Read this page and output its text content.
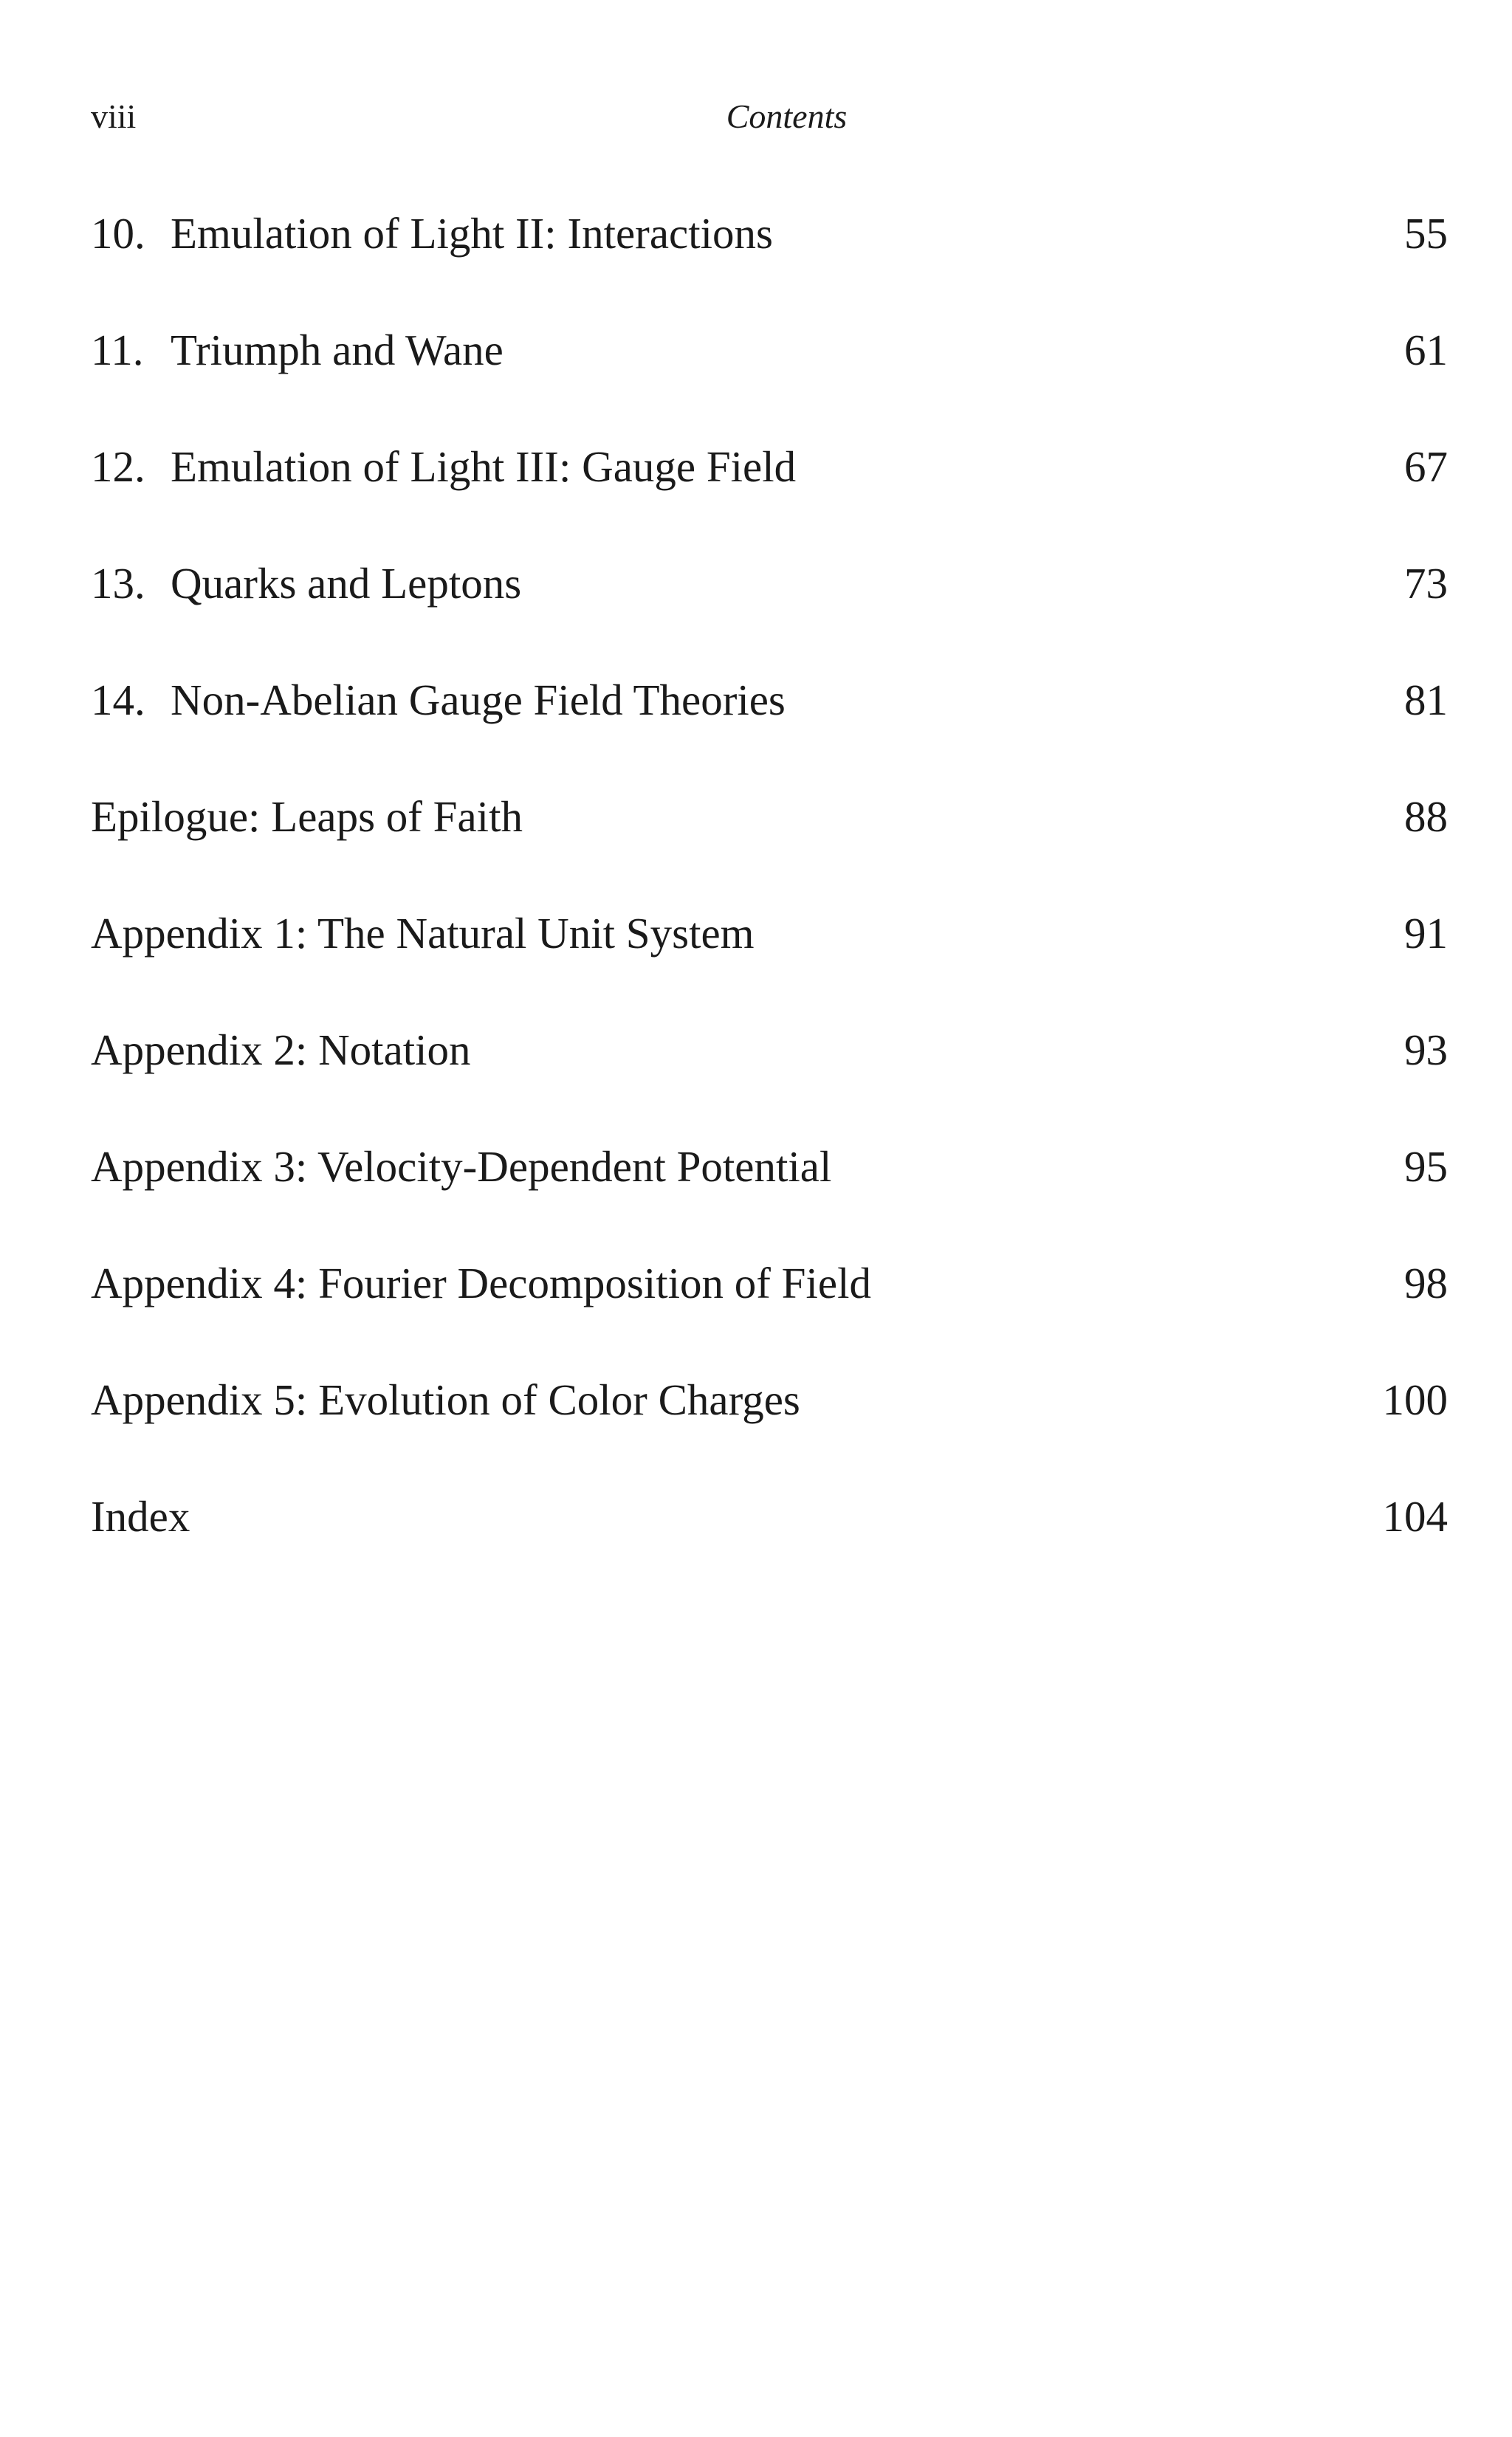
viii	Contents
10. Emulation of Light II: Interactions	55
11. Triumph and Wane	61
12. Emulation of Light III: Gauge Field	67
13. Quarks and Leptons	73
14. Non-Abelian Gauge Field Theories	81
Epilogue: Leaps of Faith	88
Appendix 1: The Natural Unit System	91
Appendix 2: Notation	93
Appendix 3: Velocity-Dependent Potential	95
Appendix 4: Fourier Decomposition of Field	98
Appendix 5: Evolution of Color Charges	100
Index	104
